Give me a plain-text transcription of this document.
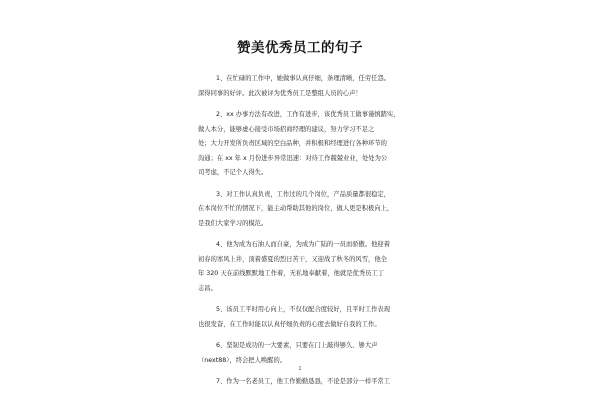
赞美优秀员工的句子

1、在忙碌的工作中，她做事认真仔细，条理清晰，任劳任怨。
深得同事的好评。此次被评为优秀员工是整组人员的心声！

2、xx 办事方法有改进，工作有进步，该优秀员工做事谨慎踏实，
做人本分，能够虚心接受市场招商经理的建议，努力学习不足之
处；大力开发所负责区域的空白品种，并积极和经理进行各种环节的
沟通；在 xx 年 x 月份进步异常迅速：对待工作兢兢业业，处处为公
司考虑，不记个人得失。

3、对工作认真负责，工作过的几个岗位，产品质量都很稳定，
在本岗位不忙的情况下，能主动帮助其他的岗位，做人更是积极向上，
是我们大家学习的模范。

4、他为成为石油人而自豪，为成为广陆的一员而骄傲。他迎着
初春的寒风上井，顶着盛夏的烈日苦干，又迎战了秋冬的风雪，他全
年 320 天在前线默默地工作着，无私地奉献着，他就是优秀员工丁
志昌。

5、该员工平时用心向上，不仅仅配合度较好，且平时工作表现
也很发奋，在工作时能以认真仔细负责的心度去做好自我的工作。

6、坚韧是成功的一大要素，只要在门上敲得够久、够大声
（next88），终会把人唤醒的。

7、作为一名老员工，他工作勤勤恳恳，不论是部分一样平常工

1
